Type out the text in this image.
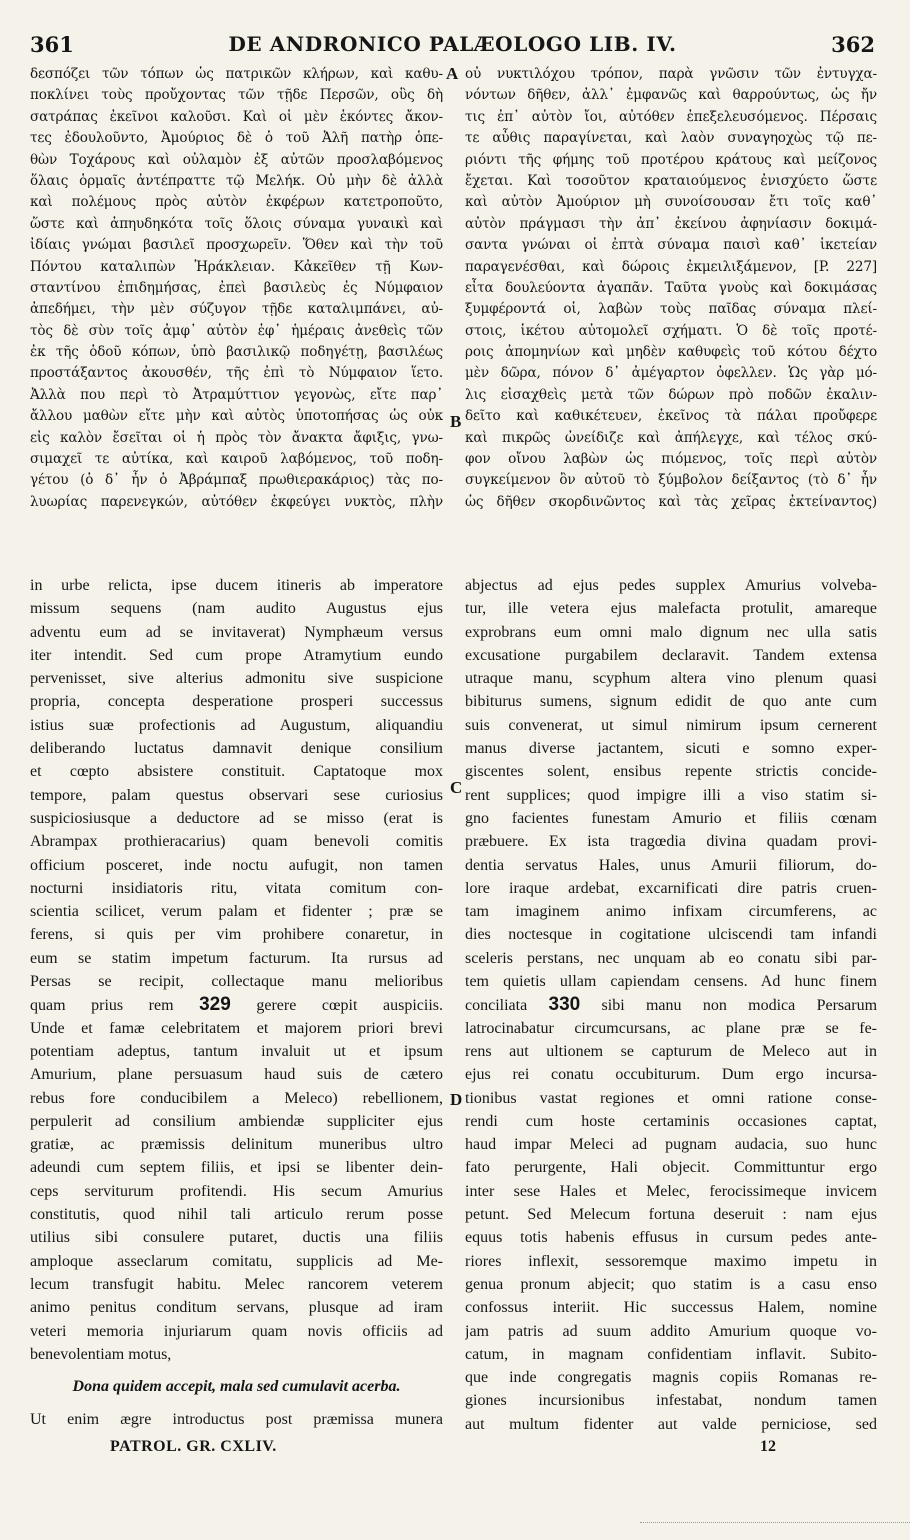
361	DE ANDRONICO PALÆOLOGO LIB. IV.	362
δεσπόζει τῶν τόπων ὡς πατρικῶν κλήρων, καὶ καθυ-
ποκλίνει τοὺς προὔχοντας τῶν τῇδε Περσῶν, οὓς δὴ
σατράπας ἐκεῖνοι καλοῦσι. Καὶ οἱ μὲν ἑκόντες ἄκον-
τες ἐδουλοῦντο, Ἀμούριος δὲ ὁ τοῦ Ἀλῆ πατὴρ ὁπε-
θὼν Τοχάρους καὶ οὐλαμὸν ἐξ αὐτῶν προσλαβόμενος
ὅλαις ὁρμαῖς ἀντέπραττε τῷ Μελήκ. Οὐ μὴν δὲ ἀλλὰ
καὶ πολέμους πρὸς αὐτὸν ἐκφέρων κατετροποῦτο,
ὥστε καὶ ἀπηυδηκότα τοῖς ὅλοις σύναμα γυναικὶ καὶ
ἰδίαις γνώμαι βασιλεῖ προσχωρεῖν. Ὅθεν καὶ τὴν τοῦ
Πόντου καταλιπὼν Ἡράκλειαν. Κἀκεῖθεν τῇ Κων-
σταντίνου ἐπιδημήσας, ἐπεὶ βασιλεὺς ἐς Νύμφαιον
ἀπεδήμει, τὴν μὲν σύζυγον τῇδε καταλιμπάνει, αὐ-
τὸς δὲ σὺν τοῖς ἀμφ᾽ αὐτὸν ἐφ᾽ ἡμέραις ἀνεθεὶς τῶν
ἐκ τῆς ὁδοῦ κόπων, ὑπὸ βασιλικῷ ποδηγέτῃ, βασιλέως
προστάξαντος ἀκουσθέν, τῆς ἐπὶ τὸ Νύμφαιον ἵετο.
Ἀλλὰ που περὶ τὸ Ἀτραμύττιον γεγονὼς, εἴτε παρ᾽
ἄλλου μαθὼν εἴτε μὴν καὶ αὐτὸς ὑποτοπήσας ὡς οὐκ
εἰς καλὸν ἔσεῖται οἱ ἡ πρὸς τὸν ἄνακτα ἄφιξις, γνω-
σιμαχεῖ τε αὐτίκα, καὶ καιροῦ λαβόμενος, τοῦ ποδη-
γέτου (ὁ δ᾽ ἦν ὁ Ἀβράμπαξ πρωθιερακάριος) τὰς πο-
λυωρίας παρενεγκών, αὐτόθεν ἐκφεύγει νυκτὸς, πλὴν
οὐ νυκτιλόχου τρόπον, παρὰ γνῶσιν τῶν ἐντυγχα-
νόντων δῆθεν, ἀλλ᾽ ἐμφανῶς καὶ θαρρούντως, ὡς ἤν
τις ἐπ᾽ αὐτὸν ἴοι, αὐτόθεν ἐπεξελευσόμενος. Πέρσαις
τε αὖθις παραγίνεται, καὶ λαὸν συναγηοχὼς τῷ πε-
ριόντι τῆς φήμης τοῦ προτέρου κράτους καὶ μείζονος
ἔχεται. Καὶ τοσοῦτον κραταιούμενος ἐνισχύετο ὥστε
καὶ αὐτὸν Ἀμούριον μὴ συνοίσουσαν ἔτι τοῖς καθ᾽
αὐτὸν πράγμασι τὴν ἀπ᾽ ἐκείνου ἀφηνίασιν δοκιμά-
σαντα γνώναι οἱ ἐπτὰ σύναμα παισὶ καθ᾽ ἱκετείαν
παραγενέσθαι, καὶ δώροις ἐκμειλιξάμενον, [P. 227]
εἶτα δουλεύοντα ἀγαπᾶν. Ταῦτα γνοὺς καὶ δοκιμάσας
ξυμφέροντά οἱ, λαβὼν τοὺς παῖδας σύναμα πλεί-
στοις, ἱκέτου αὐτομολεῖ σχήματι. Ὁ δὲ τοῖς προτέ-
ροις ἀπομηνίων καὶ μηδὲν καθυφεὶς τοῦ κότου δέχτο
μὲν δῶρα, πόνον δ᾽ ἀμέγαρτον ὀφελλεν. Ὡς γὰρ μό-
λις εἰσαχθεὶς μετὰ τῶν δώρων πρὸ ποδῶν ἐκαλιν-
δεῖτο καὶ καθικέτευεν, ἐκεῖνος τὰ πάλαι προὔφερε
καὶ πικρῶς ὠνείδιζε καὶ ἀπήλεγχε, καὶ τέλος σκύ-
φον οἴνου λαβὼν ὡς πιόμενος, τοῖς περὶ αὐτὸν
συγκείμενον ὂν αὐτοῦ τὸ ξύμβολον δείξαντος (τὸ δ᾽ ἦν
ὡς δῆθεν σκορδινῶντος καὶ τὰς χεῖρας ἐκτείναντος)
in urbe relicta, ipse ducem itineris ab imperatore
missum sequens (nam audito Augustus ejus
adventu eum ad se invitaverat) Nymphæum versus
iter intendit. Sed cum prope Atramytium eundo
pervenisset, sive alterius admonitu sive suspicione
propria, concepta desperatione prosperi successus
istius suæ profectionis ad Augustum, aliquandiu
deliberando luctatus damnavit denique consilium
et cœpto absistere constituit. Captatoque mox
tempore, palam questus observari sese curiosius
suspiciosiusque a deductore ad se misso (erat is
Abrampax prothieracarius) quam benevoli comitis
officium posceret, inde noctu aufugit, non tamen
nocturni insidiatoris ritu, vitata comitum con-
scientia scilicet, verum palam et fidenter ; præ se
ferens, si quis per vim prohibere conaretur, in
eum se statim impetum facturum. Ita rursus ad
Persas se recipit, collectaque manu melioribus
quam prius rem 329 gerere cœpit auspiciis.
Unde et famæ celebritatem et majorem priori brevi
potentiam adeptus, tantum invaluit ut et ipsum
Amurium, plane persuasum haud suis de cætero
rebus fore conducibilem a Meleco) rebellionem,
perpulerit ad consilium ambiendæ suppliciter ejus
gratiæ, ac præmissis delinitum muneribus ultro
adeundi cum septem filiis, et ipsi se libenter dein-
ceps serviturum profitendi. His secum Amurius
constitutis, quod nihil tali articulo rerum posse
utilius sibi consulere putaret, ductis una filiis
amploque asseclarum comitatu, supplicis ad Me-
lecum transfugit habitu. Melec rancorem veterem
animo penitus conditum servans, plusque ad iram
veteri memoria injuriarum quam novis officiis ad
benevolentiam motus,
abjectus ad ejus pedes supplex Amurius volveba-
tur, ille vetera ejus malefacta protulit, amareque
exprobrans eum omni malo dignum nec ulla satis
excusatione purgabilem declaravit. Tandem extensa
utraque manu, scyphum altera vino plenum quasi
bibiturus sumens, signum edidit de quo ante cum
suis convenerat, ut simul nimirum ipsum cernerent
manus diverse jactantem, sicuti e somno exper-
giscentes solent, ensibus repente strictis concide-
rent supplices; quod impigre illi a viso statim si-
gno facientes funestam Amurio et filiis cœnam
præbuere. Ex ista tragœdia divina quadam provi-
dentia servatus Hales, unus Amurii filiorum, do-
lore iraque ardebat, excarnificati dire patris cruen-
tam imaginem animo infixam circumferens, ac
dies noctesque in cogitatione ulciscendi tam infandi
sceleris perstans, nec unquam ab eo conatu sibi par-
tem quietis ullam capiendam censens. Ad hunc finem
conciliata 330 sibi manu non modica Persarum
latrocinabatur circumcursans, ac plane præ se fe-
rens aut ultionem se capturum de Meleco aut in
ejus rei conatu occubiturum. Dum ergo incursa-
tionibus vastat regiones et omni ratione conse-
rendi cum hoste certaminis occasiones captat,
haud impar Meleci ad pugnam audacia, suo hunc
fato perurgente, Hali objecit. Committuntur ergo
inter sese Hales et Melec, ferocissimeque invicem
petunt. Sed Melecum fortuna deseruit : nam ejus
equus totis habenis effusus in cursum pedes ante-
riores inflexit, sessoremque maximo impetu in
genua pronum abjecit; quo statim is a casu enso
confossus interiit. Hic successus Halem, nomine
jam patris ad suum addito Amurium quoque vo-
catum, in magnam confidentiam inflavit. Subito-
que inde congregatis magnis copiis Romanas re-
giones incursionibus infestabat, nondum tamen
aut multum fidenter aut valde perniciose, sed
A
B
C
D
Dona quidem accepit, mala sed cumulavit acerba.
Ut enim ægre introductus post præmissa munera
PATROL. GR. CXLIV.	12
